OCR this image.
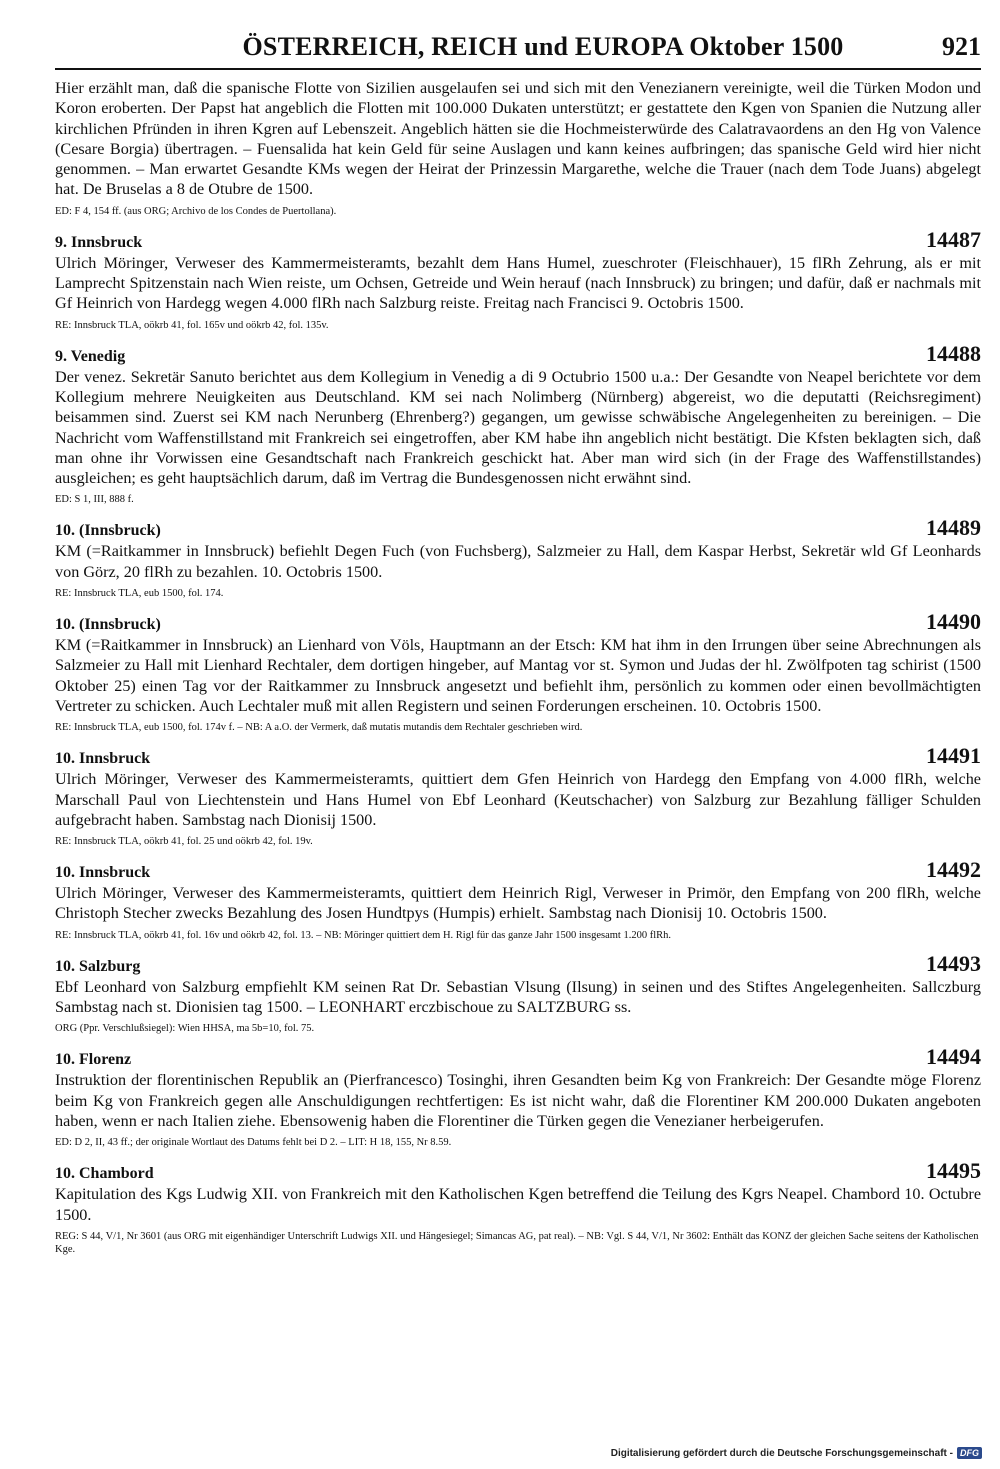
ÖSTERREICH, REICH und EUROPA Oktober 1500	921
Hier erzählt man, daß die spanische Flotte von Sizilien ausgelaufen sei und sich mit den Venezianern vereinigte, weil die Türken Modon und Koron eroberten. Der Papst hat angeblich die Flotten mit 100.000 Dukaten unterstützt; er gestattete den Kgen von Spanien die Nutzung aller kirchlichen Pfründen in ihren Kgren auf Lebenszeit. Angeblich hätten sie die Hochmeisterwürde des Calatravaordens an den Hg von Valence (Cesare Borgia) übertragen. – Fuensalida hat kein Geld für seine Auslagen und kann keines aufbringen; das spanische Geld wird hier nicht genommen. – Man erwartet Gesandte KMs wegen der Heirat der Prinzessin Margarethe, welche die Trauer (nach dem Tode Juans) abgelegt hat. De Bruselas a 8 de Otubre de 1500.
ED: F 4, 154 ff. (aus ORG; Archivo de los Condes de Puertollana).
9. Innsbruck	14487
Ulrich Möringer, Verweser des Kammermeisteramts, bezahlt dem Hans Humel, zueschroter (Fleischhauer), 15 flRh Zehrung, als er mit Lamprecht Spitzenstain nach Wien reiste, um Ochsen, Getreide und Wein herauf (nach Innsbruck) zu bringen; und dafür, daß er nachmals mit Gf Heinrich von Hardegg wegen 4.000 flRh nach Salzburg reiste. Freitag nach Francisci 9. Octobris 1500.
RE: Innsbruck TLA, oökrb 41, fol. 165v und oökrb 42, fol. 135v.
9. Venedig	14488
Der venez. Sekretär Sanuto berichtet aus dem Kollegium in Venedig a di 9 Octubrio 1500 u.a.: Der Gesandte von Neapel berichtete vor dem Kollegium mehrere Neuigkeiten aus Deutschland. KM sei nach Nolimberg (Nürnberg) abgereist, wo die deputatti (Reichsregiment) beisammen sind. Zuerst sei KM nach Nerunberg (Ehrenberg?) gegangen, um gewisse schwäbische Angelegenheiten zu bereinigen. – Die Nachricht vom Waffenstillstand mit Frankreich sei eingetroffen, aber KM habe ihn angeblich nicht bestätigt. Die Kfsten beklagten sich, daß man ohne ihr Vorwissen eine Gesandtschaft nach Frankreich geschickt hat. Aber man wird sich (in der Frage des Waffenstillstandes) ausgleichen; es geht hauptsächlich darum, daß im Vertrag die Bundesgenossen nicht erwähnt sind.
ED: S 1, III, 888 f.
10. (Innsbruck)	14489
KM (=Raitkammer in Innsbruck) befiehlt Degen Fuch (von Fuchsberg), Salzmeier zu Hall, dem Kaspar Herbst, Sekretär wld Gf Leonhards von Görz, 20 flRh zu bezahlen. 10. Octobris 1500.
RE: Innsbruck TLA, eub 1500, fol. 174.
10. (Innsbruck)	14490
KM (=Raitkammer in Innsbruck) an Lienhard von Völs, Hauptmann an der Etsch: KM hat ihm in den Irrungen über seine Abrechnungen als Salzmeier zu Hall mit Lienhard Rechtaler, dem dortigen hingeber, auf Mantag vor st. Symon und Judas der hl. Zwölfpoten tag schirist (1500 Oktober 25) einen Tag vor der Raitkammer zu Innsbruck angesetzt und befiehlt ihm, persönlich zu kommen oder einen bevollmächtigten Vertreter zu schicken. Auch Lechtaler muß mit allen Registern und seinen Forderungen erscheinen. 10. Octobris 1500.
RE: Innsbruck TLA, eub 1500, fol. 174v f. – NB: A a.O. der Vermerk, daß mutatis mutandis dem Rechtaler geschrieben wird.
10. Innsbruck	14491
Ulrich Möringer, Verweser des Kammermeisteramts, quittiert dem Gfen Heinrich von Hardegg den Empfang von 4.000 flRh, welche Marschall Paul von Liechtenstein und Hans Humel von Ebf Leonhard (Keutschacher) von Salzburg zur Bezahlung fälliger Schulden aufgebracht haben. Sambstag nach Dionisij 1500.
RE: Innsbruck TLA, oökrb 41, fol. 25 und oökrb 42, fol. 19v.
10. Innsbruck	14492
Ulrich Möringer, Verweser des Kammermeisteramts, quittiert dem Heinrich Rigl, Verweser in Primör, den Empfang von 200 flRh, welche Christoph Stecher zwecks Bezahlung des Josen Hundtpys (Humpis) erhielt. Sambstag nach Dionisij 10. Octobris 1500.
RE: Innsbruck TLA, oökrb 41, fol. 16v und oökrb 42, fol. 13. – NB: Möringer quittiert dem H. Rigl für das ganze Jahr 1500 insgesamt 1.200 flRh.
10. Salzburg	14493
Ebf Leonhard von Salzburg empfiehlt KM seinen Rat Dr. Sebastian Vlsung (Ilsung) in seinen und des Stiftes Angelegenheiten. Sallczburg Sambstag nach st. Dionisien tag 1500. – LEONHART erczbischoue zu SALTZBURG ss.
ORG (Ppr. Verschlußsiegel): Wien HHSA, ma 5b=10, fol. 75.
10. Florenz	14494
Instruktion der florentinischen Republik an (Pierfrancesco) Tosinghi, ihren Gesandten beim Kg von Frankreich: Der Gesandte möge Florenz beim Kg von Frankreich gegen alle Anschuldigungen rechtfertigen: Es ist nicht wahr, daß die Florentiner KM 200.000 Dukaten angeboten haben, wenn er nach Italien ziehe. Ebensowenig haben die Florentiner die Türken gegen die Venezianer herbeigerufen.
ED: D 2, II, 43 ff.; der originale Wortlaut des Datums fehlt bei D 2. – LIT: H 18, 155, Nr 8.59.
10. Chambord	14495
Kapitulation des Kgs Ludwig XII. von Frankreich mit den Katholischen Kgen betreffend die Teilung des Kgrs Neapel. Chambord 10. Octubre 1500.
REG: S 44, V/1, Nr 3601 (aus ORG mit eigenhändiger Unterschrift Ludwigs XII. und Hängesiegel; Simancas AG, pat real). – NB: Vgl. S 44, V/1, Nr 3602: Enthält das KONZ der gleichen Sache seitens der Katholischen Kge.
Digitalisierung gefördert durch die Deutsche Forschungsgemeinschaft - DFG
